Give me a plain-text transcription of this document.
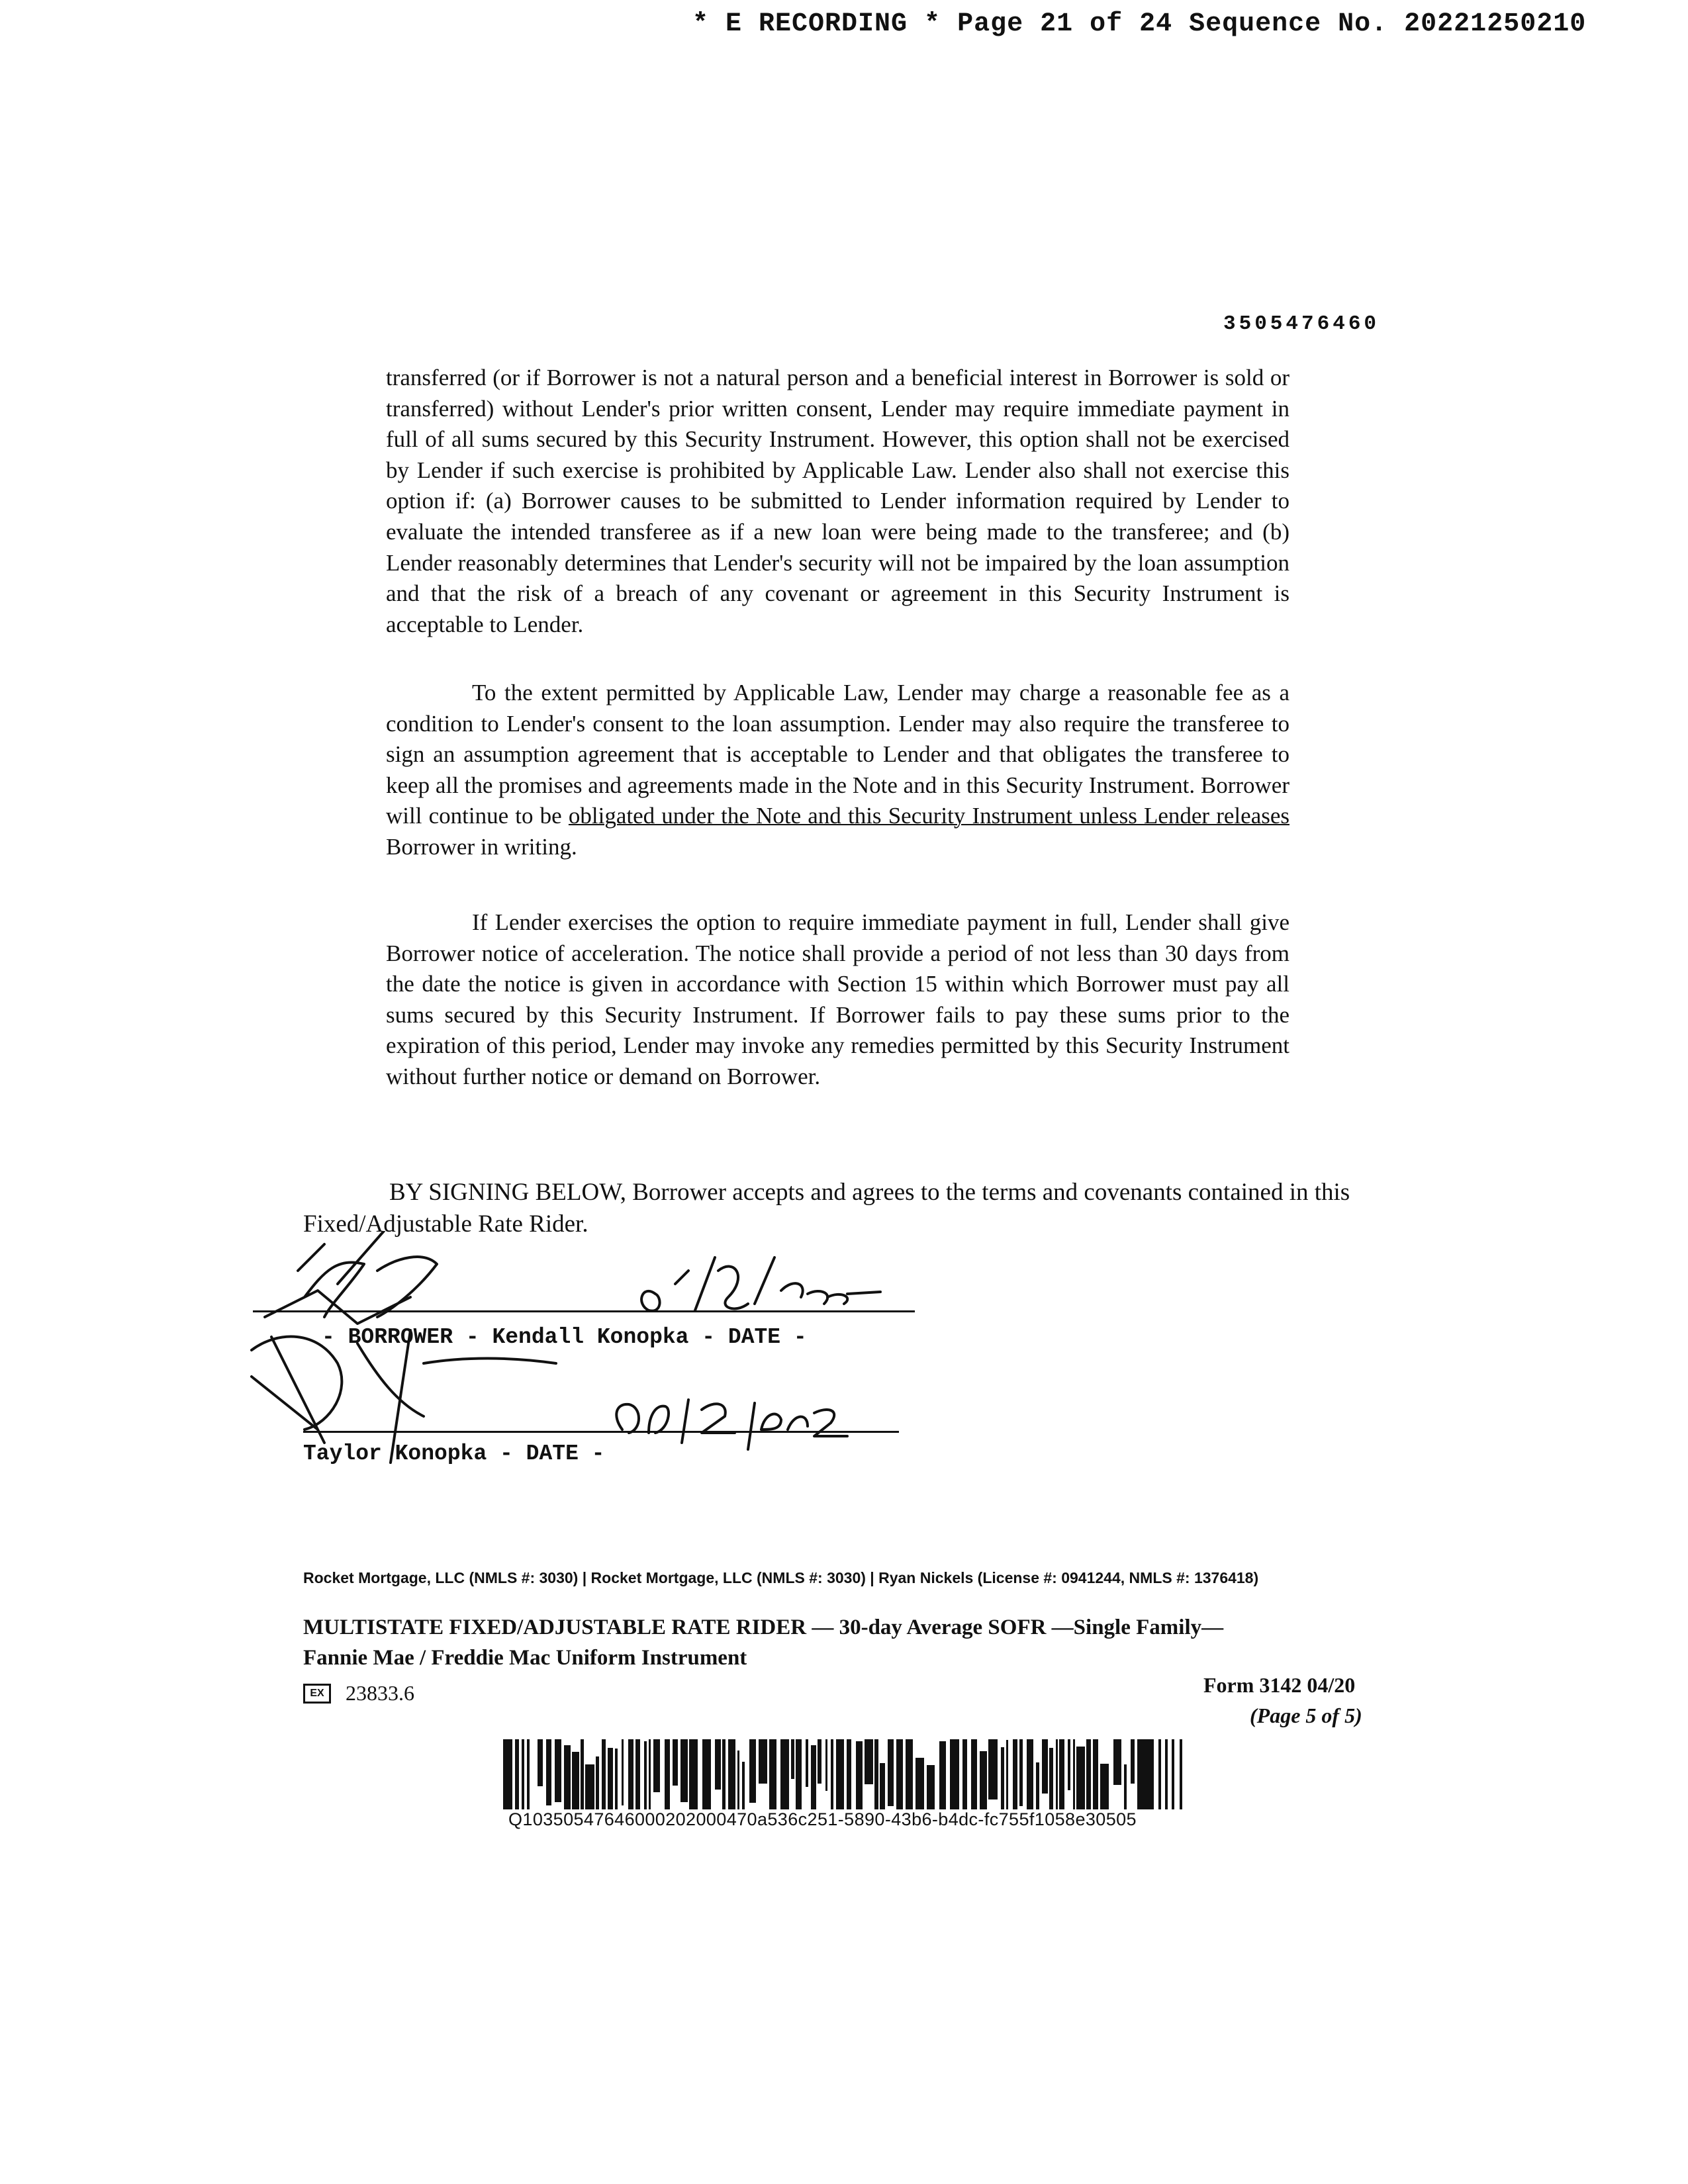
* E RECORDING * Page 21 of 24 Sequence No. 20221250210
3505476460

transferred (or if Borrower is not a natural person and a beneficial interest in Borrower is sold or transferred) without Lender's prior written consent, Lender may require immediate payment in full of all sums secured by this Security Instrument. However, this option shall not be exercised by Lender if such exercise is prohibited by Applicable Law. Lender also shall not exercise this option if: (a) Borrower causes to be submitted to Lender information required by Lender to evaluate the intended transferee as if a new loan were being made to the transferee; and (b) Lender reasonably determines that Lender's security will not be impaired by the loan assumption and that the risk of a breach of any covenant or agreement in this Security Instrument is acceptable to Lender.

To the extent permitted by Applicable Law, Lender may charge a reasonable fee as a condition to Lender's consent to the loan assumption. Lender may also require the transferee to sign an assumption agreement that is acceptable to Lender and that obligates the transferee to keep all the promises and agreements made in the Note and in this Security Instrument. Borrower will continue to be obligated under the Note and this Security Instrument unless Lender releases Borrower in writing.

If Lender exercises the option to require immediate payment in full, Lender shall give Borrower notice of acceleration. The notice shall provide a period of not less than 30 days from the date the notice is given in accordance with Section 15 within which Borrower must pay all sums secured by this Security Instrument. If Borrower fails to pay these sums prior to the expiration of this period, Lender may invoke any remedies permitted by this Security Instrument without further notice or demand on Borrower.

BY SIGNING BELOW, Borrower accepts and agrees to the terms and covenants contained in this Fixed/Adjustable Rate Rider.
- BORROWER - Kendall Konopka - DATE -
Taylor Konopka - DATE -
Rocket Mortgage, LLC (NMLS #: 3030) | Rocket Mortgage, LLC (NMLS #: 3030) | Ryan Nickels (License #: 0941244, NMLS #: 1376418)
MULTISTATE FIXED/ADJUSTABLE RATE RIDER — 30-day Average SOFR —Single Family—
Fannie Mae / Freddie Mac Uniform Instrument
EX	23833.6	Form 3142 04/20
(Page 5 of 5)
Q10350547646000202000470a536c251-5890-43b6-b4dc-fc755f1058e30505
